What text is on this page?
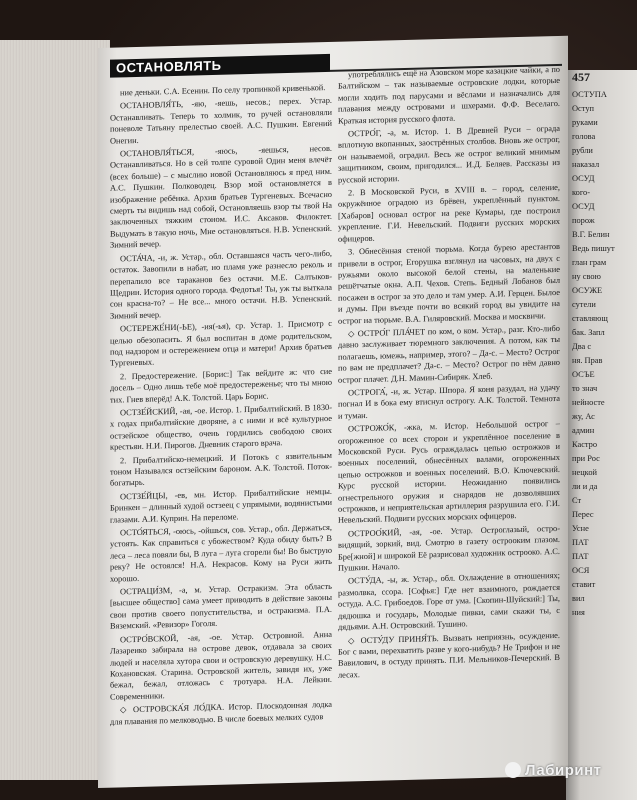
ОСТАНОВЛЯТЬ

ние деньки. С.А. Есенин. По селу тропинкой кривенькой.

ОСТАНОВЛЯ́ТЬ, -яю, -яешь, несов.; перех. Устар. Останавливать. Теперь то холмик, то ручей остановляли поневоле Татьяну прелестью своей. А.С. Пушкин. Евгений Онегин.

ОСТАНОВЛЯ́ТЬСЯ, -яюсь, -яешься, несов. Останавливаться. Но в сей толпе суровой Один меня влечёт (всех больше) – с мыслию новой Остановляюсь я пред ним. А.С. Пушкин. Полководец. Взор мой остановляется в изображение ребёнка. Архив братьев Тургеневых. Всечасно смерть ты видишь над собой, Остановляешь взор ты твой На заключенных тяжким стоном. И.С. Аксаков. Филоктет. Выдумать в такую ночь, Мне остановляться. Н.В. Успенский. Зимний вечер.

ОСТА́ЧА, -и, ж. Устар., обл. Оставшаяся часть чего-либо, остаток. Завопили в набат, но пламя уже разнесло реколь и перепалило все тараканов без остачи. М.Е. Салтыков-Щедрин. История одного города. Федотья! Ты, уж ты выткала сон красна-то? – Не все... много остачи. Н.В. Успенский. Зимний вечер.

ОСТЕРЕЖЕ́НИ(-ЬЕ), -ия(-ья), ср. Устар. 1. Присмотр с целью обезопасить. Я был воспитан в доме родительском, под надзором и остережением отца и матери! Архив братьев Тургеневых.

2. Предостережение. [Борис:] Так вейдите ж: что сие досель – Одно лишь тебе моё предостереженье; что ты мною тих. Гнев вперёд! А.К. Толстой. Царь Борис.

ОСТЗЕ́ЙСКИЙ, -ая, -ое. Истор. 1. Прибалтийский. В 1830-х годах прибалтийские дворяне, а с ними и всё культурное остзейское общество, очень гордились свободою своих крестьян. Н.И. Пирогов. Дневник старого врача.

2. Прибалтийско-немецкий. И Потокъ с язвительным тоном Назывался остзейским бароном. А.К. Толстой. Поток-богатырь.

ОСТЗЕ́ЙЦЫ, -ев, мн. Истор. Прибалтийские немцы. Бринкен – длинный худой остзеец с упрямыми, водянистыми глазами. А.И. Куприн. На переломе.

ОСТО́ЯТЬСЯ, -оюсь, -ойшься, сов. Устар., обл. Держаться, устоять. Как справиться с убожеством? Куда обиду быть? В леса – леса повяли бы, В луга – луга сгорели бы! Во быструю реку? Не остоялся! Н.А. Некрасов. Кому на Руси жить хорошо.

ОСТРАЦИ́ЗМ, -а, м. Устар. Остракизм. Эта область [высшее общество] сама умеет приводить в действие законы свои против своего попустительства, и остракизма. П.А. Вяземский. «Ревизор» Гоголя.

ОСТРО́ВСКОЙ, -ая, -ое. Устар. Островной. Анна Лазаренко забирала на острове девок, отдавала за своих людей и населяла хутора свои и островскую деревушку. Н.С. Кохановская. Старина. Островской житель, завидя их, уже бежал, бежал, отложась с тротуара. Н.А. Лейкин. Современники.

◇ ОСТРОВСКА́Я ЛО́ДКА. Истор. Плоскодонная лодка для плавания по мелководью. В числе боевых мелких судов

употреблялись ещё на Азовском море казацкие чайки, а по Балтийском – так называемые островские лодки, которые могли ходить под парусами и вёслами и назначались для плавания между островами и шхерами. Ф.Ф. Веселаго. Краткая история русского флота.

ОСТРО́Г, -а, м. Истор. 1. В Древней Руси – ограда вплотную вкопанных, заострённых столбов. Вновь же острог, он называемой, оградил. Весь же острог великий мнимым защитником, своим, пригодился... И.Д. Беляев. Рассказы из русской истории.

2. В Московской Руси, в XVIII в. – город, селение, окружённое оградою из брёвен, укреплённый пунктом. [Хабаров] основал острог на реке Кумары, где построил укрепление. Г.И. Невельский. Подвиги русских морских офицеров.

3. Обнесённая стеной тюрьма. Когда бурею арестантов привели в острог, Егорушка взглянул на часовых, на двух с ружьями около высокой белой стены, на маленькие решётчатые окна. А.П. Чехов. Степь. Бедный Лобанов был посажен в острог за это дело и там умер. А.И. Герцен. Былое и думы. При въезде почти во всякий город вы увидите на острог на тюрьме. В.А. Гиляровский. Москва и москвичи.

◇ ОСТРО́Г ПЛА́ЧЕТ по ком, о ком. Устар., разг. Кто-либо давно заслуживает тюремного заключения. А потом, как ты полагаешь, юмежь, например, этого? – Да-с. – Место? Острог по вам не предплачет? Да-с. – Место? Острог по нём давно острог плачет. Д.Н. Мамин-Сибиряк. Хлеб.

ОСТРОГА́, -и, ж. Устар. Шпора. Я коня разудал, на удачу погнал И в бока ему втиснул острогу. А.К. Толстой. Темнота и туман.

ОСТРОЖО́К, -жка, м. Истор. Небольшой острог – огороженное со всех сторон и укреплённое поселение в Московской Руси. Русь ограждалась цепью острожков и военных поселений, обнесённых валами, огороженных цепью острожков и военных поселений. В.О. Ключевский. Курс русской истории. Неожиданно появились огнестрельного оружия и снарядов не дозволявших острожков, и неприятельская артиллерия разрушила его. Г.И. Невельский. Подвиги русских морских офицеров.

ОСТРОО́КИЙ, -ая, -ое. Устар. Остроглазый, остро-видящий, зоркий, вид. Смотрю в газету острооким глазом. Бре[жной] и широкой Её разрисовал художник острооко. А.С. Пушкин. Начало.

ОСТУ́ДА, -ы, ж. Устар., обл. Охлаждение в отношениях; размолвка, ссора. [Софья:] Где нет взаимного, рождается остуда. А.С. Грибоедов. Горе от ума. [Скопин-Шуйский:] Ты, дядюшка и государь, Молодые пивки, сами скажи ты, с дядьями. А.Н. Островский. Тушино.

◇ ОСТУ́ДУ ПРИНЯ́ТЬ. Вызвать неприязнь, осуждение. Бог с вами, перехватить разве у кого-нибудь? Не Трифон и не Вавилович, в остуду принять. П.И. Мельников-Печерский. В лесах.

457
ОСТУПА
Оступ
руками
голова
рубли
наказал
ОСУД
кого-
ОСУД
порож
В.Г. Белин
Ведь пишут
глан грам
ну свою
ОСУЖЕ
сутели
ставляющ
бак. Запл
Два с
ня. Прав
ОСЪЕ
то знач
нейносте
жу, Ас
админ
Кастро
при Рос
нецкой
ли и да
Ст
Перес
Усне
ПАТ
ПАТ
ОСЯ
ставит
вил
ния
Лабиринт
